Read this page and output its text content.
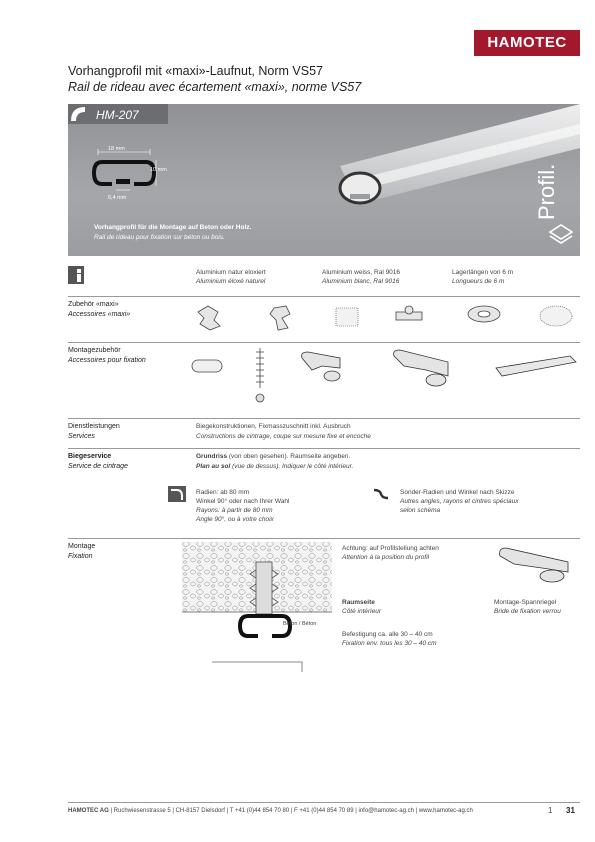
HAMOTEC
Vorhangprofil mit «maxi»-Laufnut, Norm VS57
Rail de rideau avec écartement «maxi», norme VS57
HM-207
18 mm
10 mm
6,4 mm
Vorhangprofil für die Montage auf Beton oder Holz.
Rail de rideau pour fixation sur béton ou bois.
Profil.
Aluminium natur eloxiert
Aluminium éloxé naturel
Aluminium weiss, Ral 9016
Aluminium blanc, Ral 9016
Lagerlängen von 6 m
Longueurs de 6 m
Zubehör «maxi»
Accessoires «maxi»
Montagezubehör
Accessoires pour fixation
Dienstleistungen
Services
Biegekonstruktionen, Fixmasszuschnitt inkl. Ausbruch
Constructions de cintrage, coupe sur mesure fixe et encoche
Biegeservice
Service de cintrage
Grundriss (von oben gesehen). Raumseite angeben.
Plan au sol (vue de dessus). Indiquer le côté intérieur.
Radien: ab 80 mm
Winkel 90° oder nach Ihrer Wahl
Rayons: à partir de 80 mm
Angle 90°, ou à votre choix
Sonder-Radien und Winkel nach Skizze
Autres angles, rayons et cintres spéciaux
selon schéma
Montage
Fixation
Beton / Béton
Achtung: auf Profilstellung achten
Attention à la position du profil
Raumseite
Côté intérieur
Montage-Spannriegel
Bride de fixation verrou
Befestigung ca. alle 30 – 40 cm
Fixation env. tous les 30 – 40 cm
HAMOTEC AG | Ruchwiesenstrasse 5 | CH-8157 Dielsdorf | T +41 (0)44 854 70 80 | F +41 (0)44 854 70 89 | info@hamotec-ag.ch | www.hamotec-ag.ch	1 31
